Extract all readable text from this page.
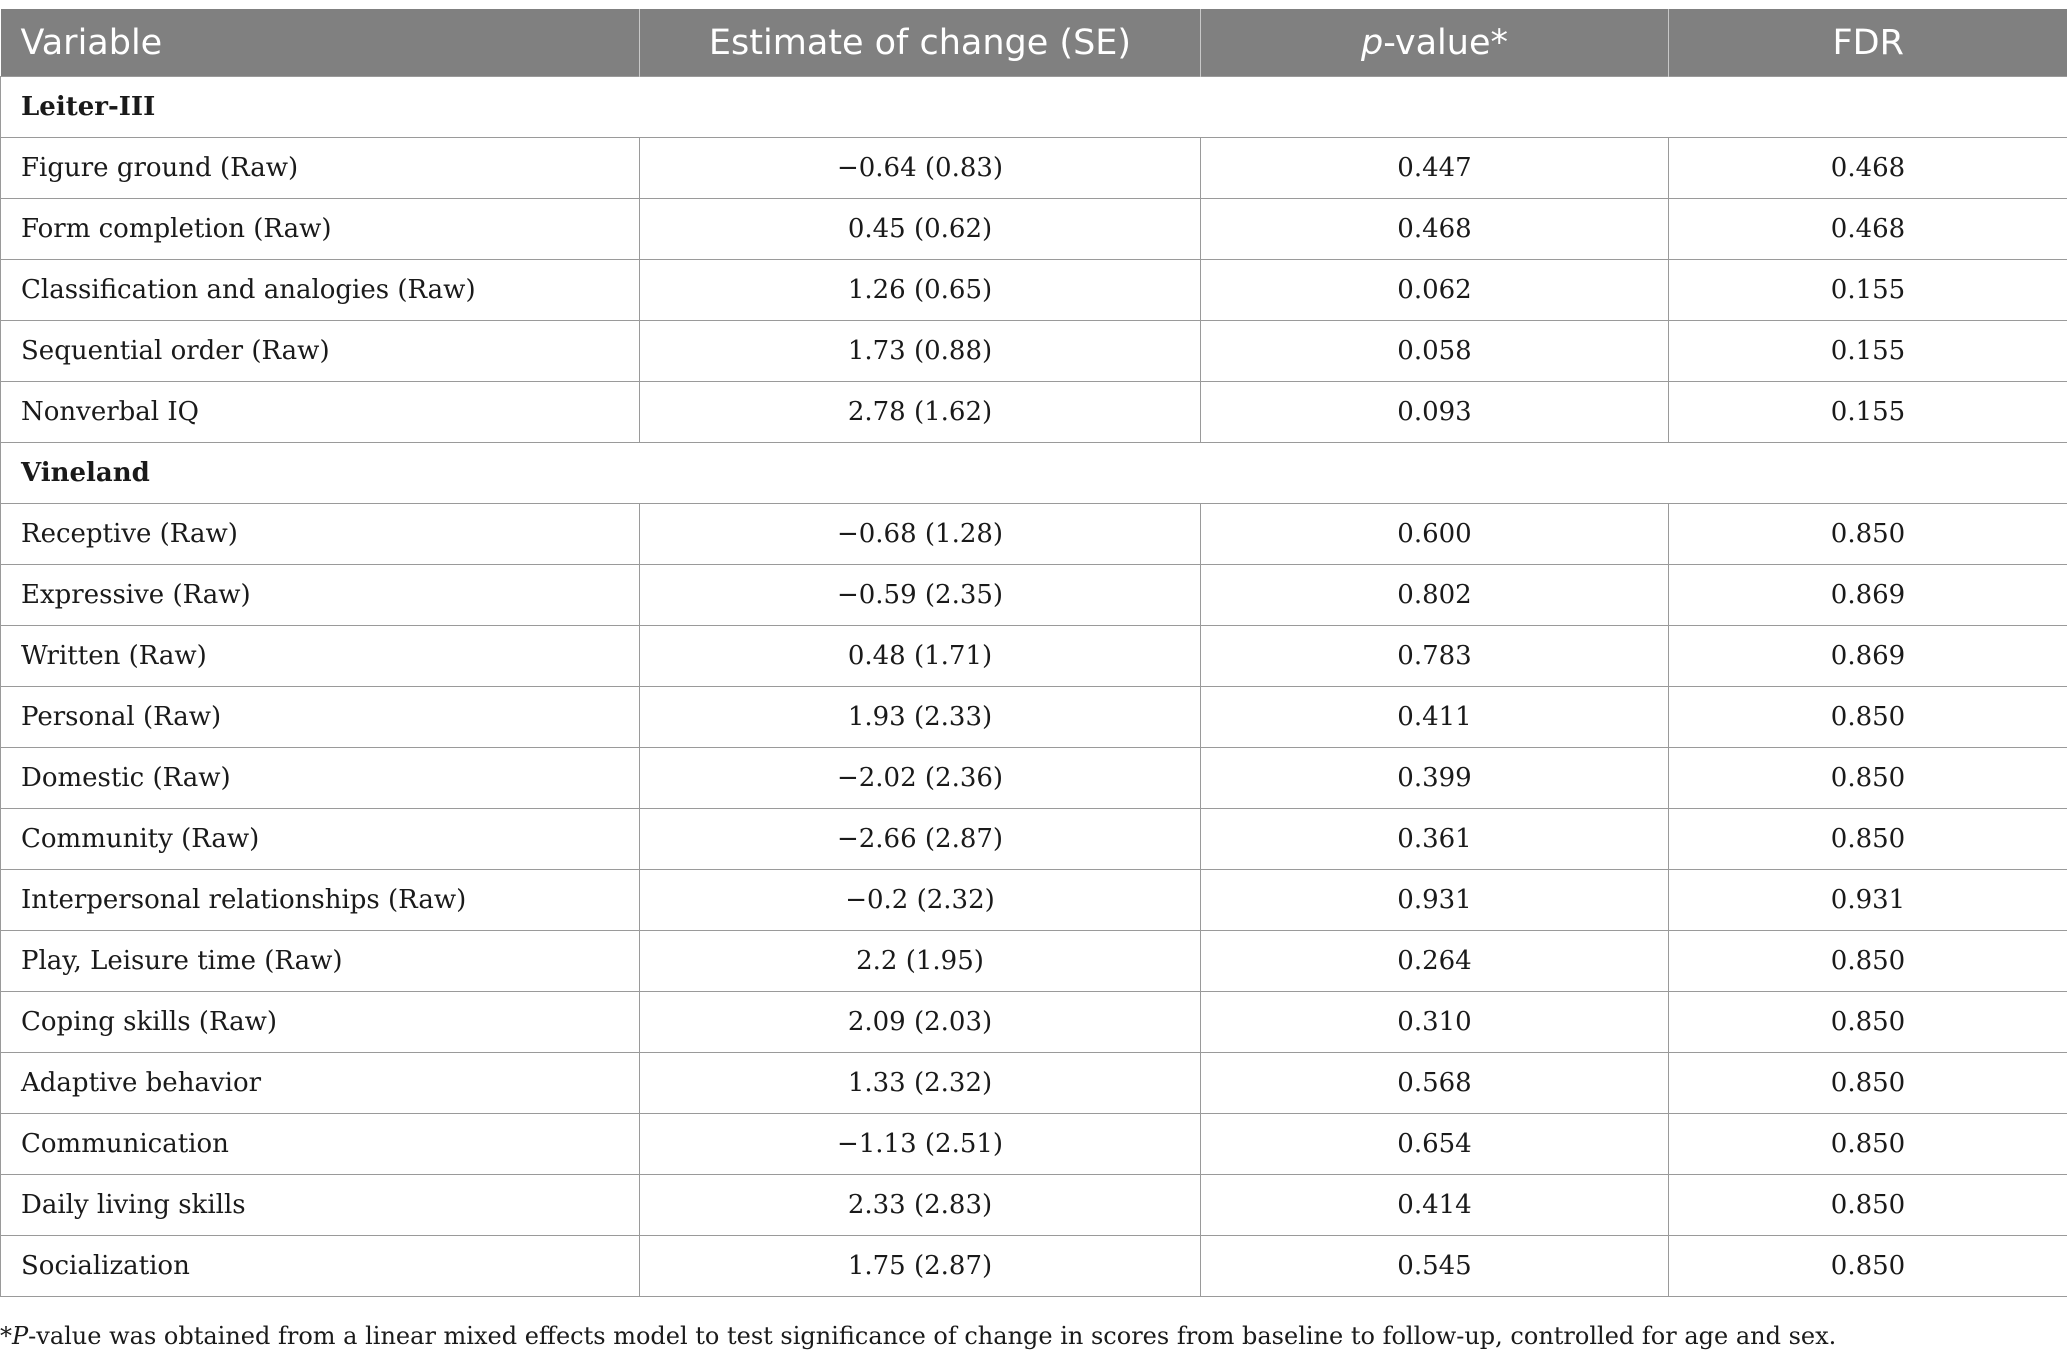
Variable	Estimate of change (SE)	p-value*	FDR
Leiter-III			
Figure ground (Raw)	−0.64 (0.83)	0.447	0.468
Form completion (Raw)	0.45 (0.62)	0.468	0.468
Classification and analogies (Raw)	1.26 (0.65)	0.062	0.155
Sequential order (Raw)	1.73 (0.88)	0.058	0.155
Nonverbal IQ	2.78 (1.62)	0.093	0.155
Vineland			
Receptive (Raw)	−0.68 (1.28)	0.600	0.850
Expressive (Raw)	−0.59 (2.35)	0.802	0.869
Written (Raw)	0.48 (1.71)	0.783	0.869
Personal (Raw)	1.93 (2.33)	0.411	0.850
Domestic (Raw)	−2.02 (2.36)	0.399	0.850
Community (Raw)	−2.66 (2.87)	0.361	0.850
Interpersonal relationships (Raw)	−0.2 (2.32)	0.931	0.931
Play, Leisure time (Raw)	2.2 (1.95)	0.264	0.850
Coping skills (Raw)	2.09 (2.03)	0.310	0.850
Adaptive behavior	1.33 (2.32)	0.568	0.850
Communication	−1.13 (2.51)	0.654	0.850
Daily living skills	2.33 (2.83)	0.414	0.850
Socialization	1.75 (2.87)	0.545	0.850
*P-value was obtained from a linear mixed effects model to test significance of change in scores from baseline to follow-up, controlled for age and sex.
